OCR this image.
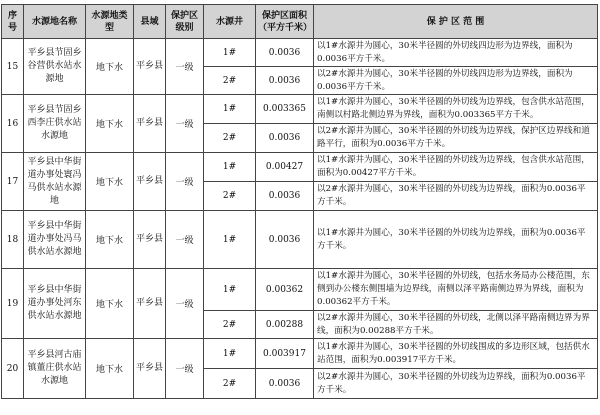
序号	水源地名称	水源地类型	县域	保护区级别	水源井	保护区面积（平方千米）	保 护 区 范 围
15	平乡县节固乡谷营供水站水源地	地下水	平乡县	一级	1#	0.0036	以1#水源井为圆心，30米半径圆的外切线四边形为边界线，面积为0.0036平方千米。
					2#	0.0036	以2#水源井为圆心，30米半径圆的外切线四边形为边界线，面积为0.0036平方千米。
16	平乡县节固乡西李庄供水站水源地	地下水	平乡县	一级	1#	0.003365	以1#水源井为圆心，30米半径圆的外切线为边界线，包含供水站范围，南侧以村路北侧边界为界线，面积为0.003365平方千米。
					2#	0.0036	以2#水源井为圆心，30米半径圆的外切线为边界线，保护区边界线和道路平行，面积为0.0036平方千米。
17	平乡县中华街道办事处寰冯马供水站水源地	地下水	平乡县	一级	1#	0.00427	以1#水源井为圆心，30米半径圆的外切线为边界线，包含供水站范围，面积为0.00427平方千米。
					2#	0.0036	以2#水源井为圆心，30米半径圆的外切线为边界线，面积为0.0036平方千米。
18	平乡县中华街道办事处冯马供水站水源地	地下水	平乡县	一级	1#	0.0036	以1#水源井为圆心，30米半径圆的外切线为边界线，面积为0.0036平方千米。
19	平乡县中华街道办事处河东供水站水源地	地下水	平乡县	一级	1#	0.00362	以1#水源井为圆心，30米半径圆的外切线，包括水务局办公楼范围，东侧到办公楼东侧围墙为边界线，南侧以泽平路南侧边界为界线，面积为0.00362平方千米。
					2#	0.00288	以2#水源井为圆心，30米半径圆的外切线，北侧以泽平路南侧边界为界线，面积为0.00288平方千米。
20	平乡县河古庙镇董庄供水站水源地	地下水	平乡县	一级	1#	0.003917	以1#水源井为圆心，30米半径圆的外切线围成的多边形区域，包括供水站范围，面积为0.003917平方千米。
					2#	0.0036	以2#水源井为圆心，30米半径圆的外切线为边界线，面积为0.0036平方千米。
